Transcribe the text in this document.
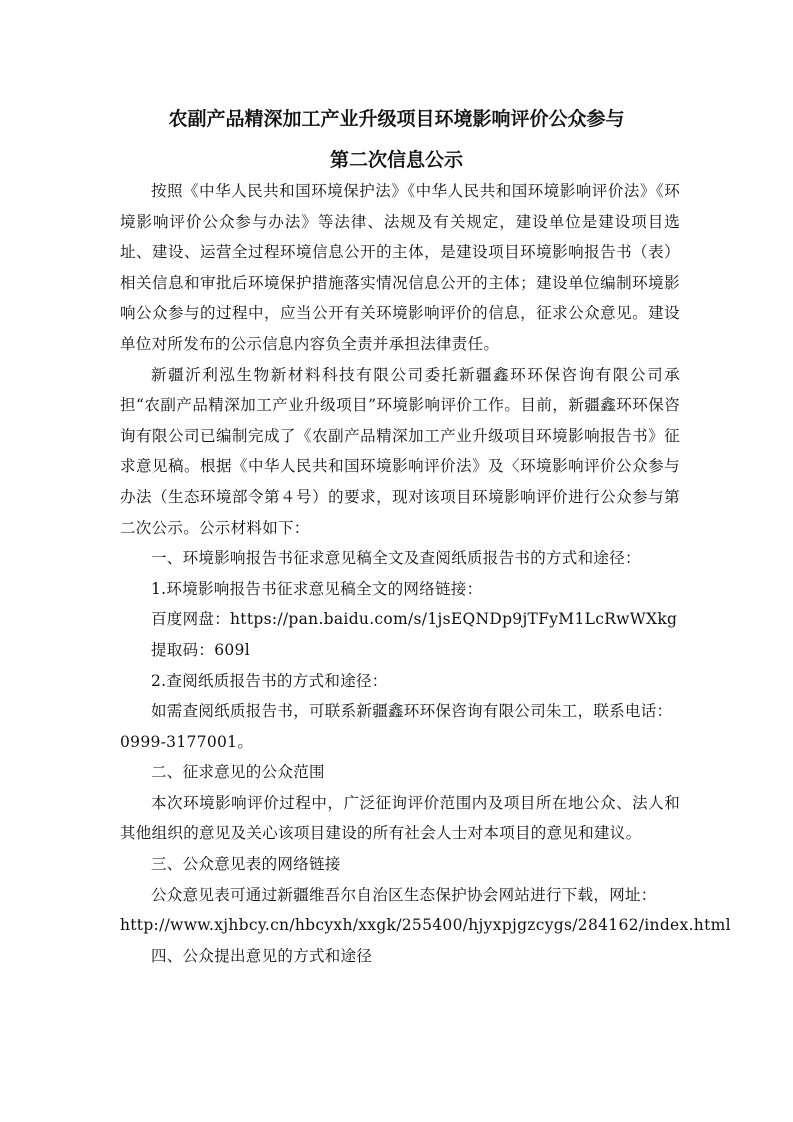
农副产品精深加工产业升级项目环境影响评价公众参与
第二次信息公示

按照《中华人民共和国环境保护法》《中华人民共和国环境影响评价法》《环境影响评价公众参与办法》等法律、法规及有关规定，建设单位是建设项目选址、建设、运营全过程环境信息公开的主体，是建设项目环境影响报告书（表）相关信息和审批后环境保护措施落实情况信息公开的主体；建设单位编制环境影响公众参与的过程中，应当公开有关环境影响评价的信息，征求公众意见。建设单位对所发布的公示信息内容负全责并承担法律责任。

新疆沂利泓生物新材料科技有限公司委托新疆鑫环环保咨询有限公司承担“农副产品精深加工产业升级项目”环境影响评价工作。目前，新疆鑫环环保咨询有限公司已编制完成了《农副产品精深加工产业升级项目环境影响报告书》征求意见稿。根据《中华人民共和国环境影响评价法》及〈环境影响评价公众参与办法（生态环境部令第４号）的要求，现对该项目环境影响评价进行公众参与第二次公示。公示材料如下：

一、环境影响报告书征求意见稿全文及查阅纸质报告书的方式和途径：

1.环境影响报告书征求意见稿全文的网络链接：

百度网盘：https://pan.baidu.com/s/1jsEQNDp9jTFyM1LcRwWXkg

提取码：609l

2.查阅纸质报告书的方式和途径：

如需查阅纸质报告书，可联系新疆鑫环环保咨询有限公司朱工，联系电话：

0999-3177001。

二、征求意见的公众范围

本次环境影响评价过程中，广泛征询评价范围内及项目所在地公众、法人和其他组织的意见及关心该项目建设的所有社会人士对本项目的意见和建议。

三、公众意见表的网络链接

公众意见表可通过新疆维吾尔自治区生态保护协会网站进行下载，网址：

http://www.xjhbcy.cn/hbcyxh/xxgk/255400/hjyxpjgzcygs/284162/index.html

四、公众提出意见的方式和途径
